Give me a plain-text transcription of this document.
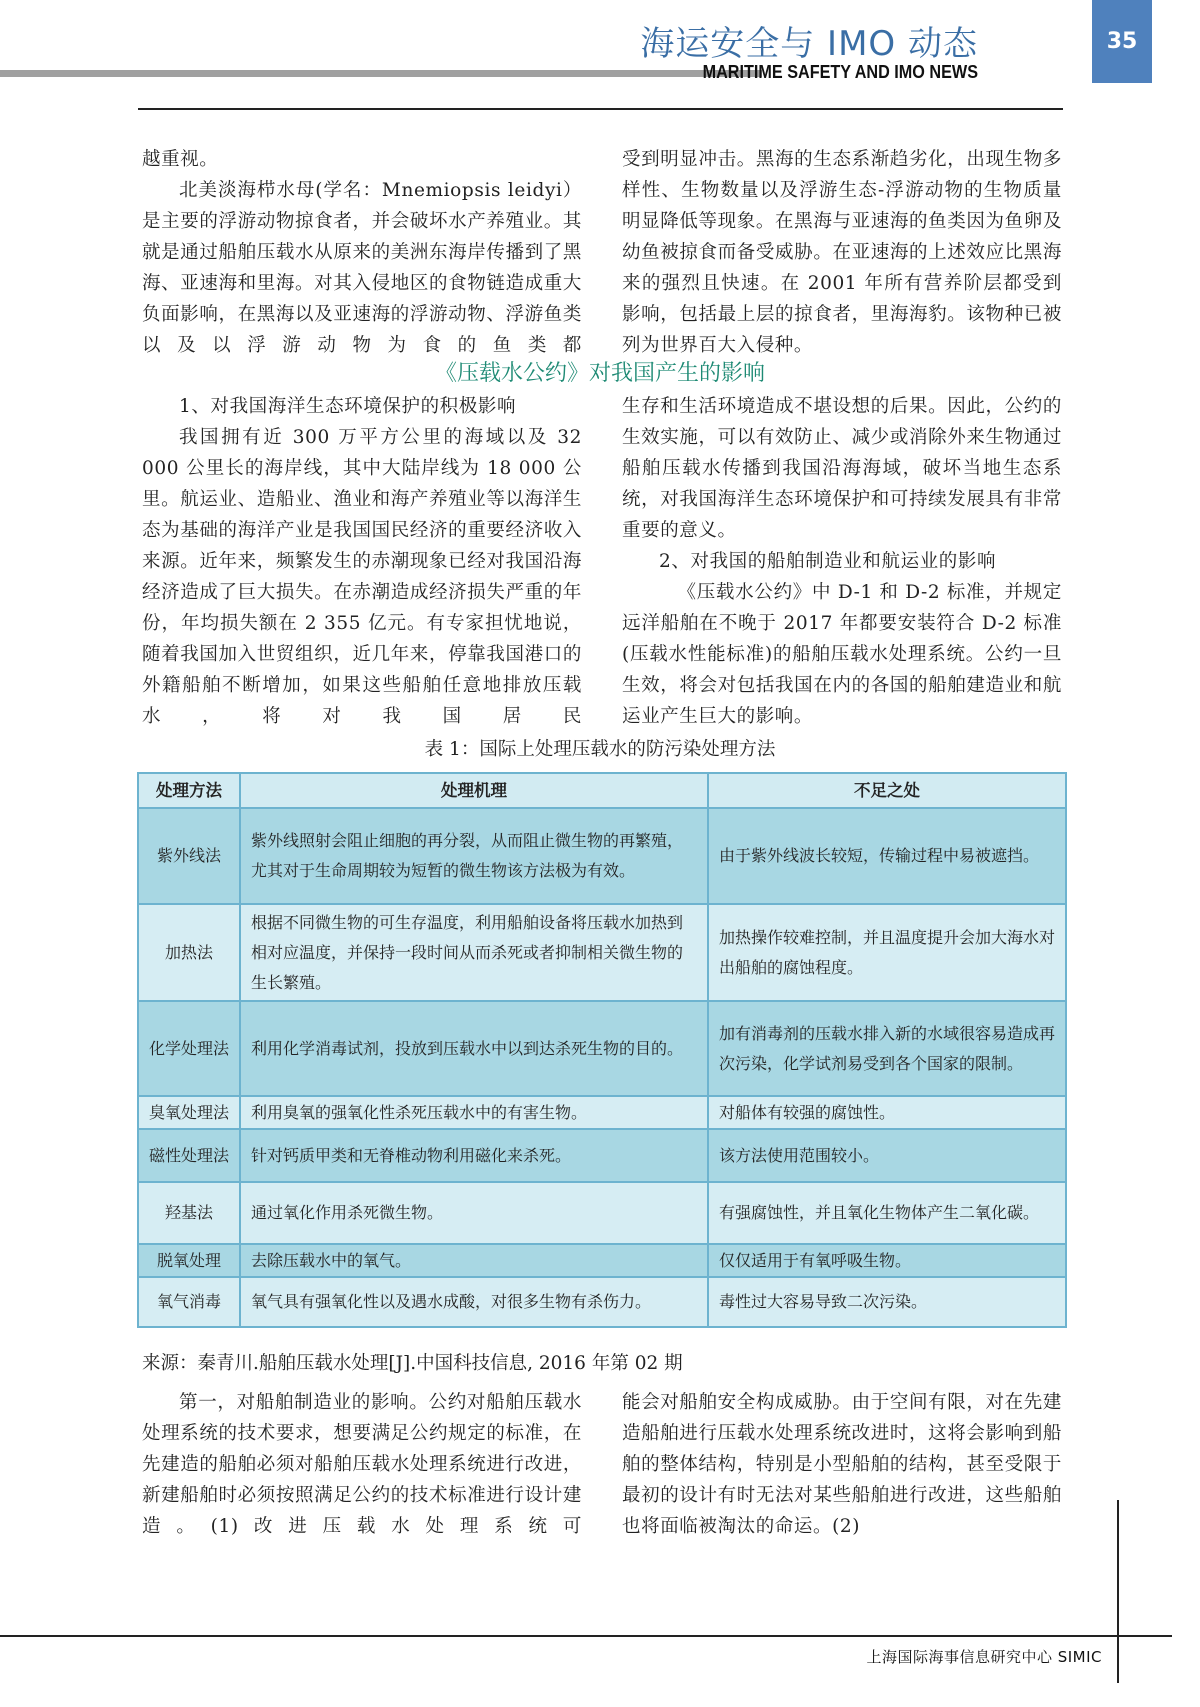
海运安全与 IMO 动态
MARITIME SAFETY AND IMO NEWS
35

越重视。

北美淡海栉水母(学名：Mnemiopsis leidyi）是主要的浮游动物掠食者，并会破坏水产养殖业。其就是通过船舶压载水从原来的美洲东海岸传播到了黑海、亚速海和里海。对其入侵地区的食物链造成重大负面影响，在黑海以及亚速海的浮游动物、浮游鱼类以及以浮游动物为食的鱼类都

受到明显冲击。黑海的生态系渐趋劣化，出现生物多样性、生物数量以及浮游生态-浮游动物的生物质量明显降低等现象。在黑海与亚速海的鱼类因为鱼卵及幼鱼被掠食而备受威胁。在亚速海的上述效应比黑海来的强烈且快速。在 2001 年所有营养阶层都受到影响，包括最上层的掠食者，里海海豹。该物种已被列为世界百大入侵种。

《压载水公约》对我国产生的影响

1、对我国海洋生态环境保护的积极影响

我国拥有近 300 万平方公里的海域以及 32 000 公里长的海岸线，其中大陆岸线为 18 000 公里。航运业、造船业、渔业和海产养殖业等以海洋生态为基础的海洋产业是我国国民经济的重要经济收入来源。近年来，频繁发生的赤潮现象已经对我国沿海经济造成了巨大损失。在赤潮造成经济损失严重的年份，年均损失额在 2 355 亿元。有专家担忧地说，随着我国加入世贸组织，近几年来，停靠我国港口的外籍船舶不断增加，如果这些船舶任意地排放压载水，将对我国居民

生存和生活环境造成不堪设想的后果。因此，公约的生效实施，可以有效防止、减少或消除外来生物通过船舶压载水传播到我国沿海海域，破坏当地生态系统，对我国海洋生态环境保护和可持续发展具有非常重要的意义。

2、对我国的船舶制造业和航运业的影响

《压载水公约》中 D-1 和 D-2 标准，并规定远洋船舶在不晚于 2017 年都要安装符合 D-2 标准(压载水性能标准)的船舶压载水处理系统。公约一旦生效，将会对包括我国在内的各国的船舶建造业和航运业产生巨大的影响。

表 1：国际上处理压载水的防污染处理方法
处理方法	处理机理	不足之处
紫外线法	紫外线照射会阻止细胞的再分裂，从而阻止微生物的再繁殖，尤其对于生命周期较为短暂的微生物该方法极为有效。	由于紫外线波长较短，传输过程中易被遮挡。
加热法	根据不同微生物的可生存温度，利用船舶设备将压载水加热到相对应温度，并保持一段时间从而杀死或者抑制相关微生物的生长繁殖。	加热操作较难控制，并且温度提升会加大海水对出船舶的腐蚀程度。
化学处理法	利用化学消毒试剂，投放到压载水中以到达杀死生物的目的。	加有消毒剂的压载水排入新的水域很容易造成再次污染，化学试剂易受到各个国家的限制。
臭氧处理法	利用臭氧的强氧化性杀死压载水中的有害生物。	对船体有较强的腐蚀性。
磁性处理法	针对钙质甲类和无脊椎动物利用磁化来杀死。	该方法使用范围较小。
羟基法	通过氧化作用杀死微生物。	有强腐蚀性，并且氧化生物体产生二氧化碳。
脱氧处理	去除压载水中的氧气。	仅仅适用于有氧呼吸生物。
氧气消毒	氧气具有强氧化性以及遇水成酸，对很多生物有杀伤力。	毒性过大容易导致二次污染。
来源：秦青川.船舶压载水处理[J].中国科技信息, 2016 年第 02 期

第一，对船舶制造业的影响。公约对船舶压载水处理系统的技术要求，想要满足公约规定的标准，在先建造的船舶必须对船舶压载水处理系统进行改进，新建船舶时必须按照满足公约的技术标准进行设计建造。(1)改进压载水处理系统可

能会对船舶安全构成威胁。由于空间有限，对在先建造船舶进行压载水处理系统改进时，这将会影响到船舶的整体结构，特别是小型船舶的结构，甚至受限于最初的设计有时无法对某些船舶进行改进，这些船舶也将面临被淘汰的命运。(2)

上海国际海事信息研究中心 SIMIC
